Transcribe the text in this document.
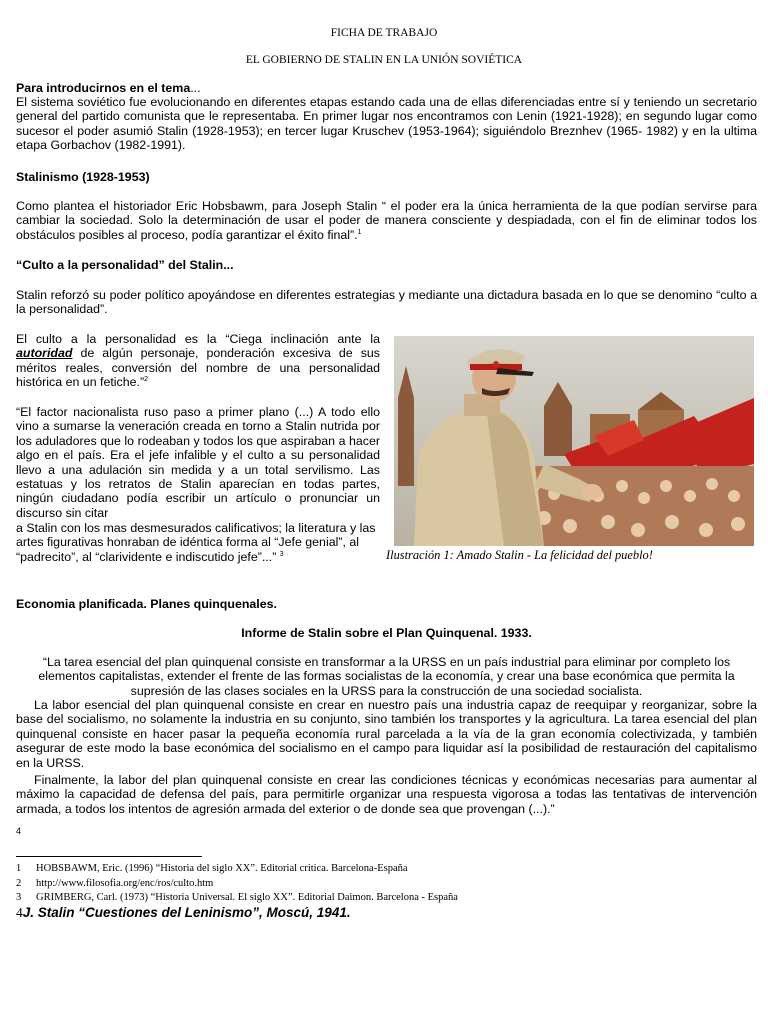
FICHA DE TRABAJO
EL GOBIERNO DE STALIN EN LA UNIÓN SOVIÉTICA
Para introducirnos en el tema...

El sistema soviético fue evolucionando en diferentes etapas estando cada una de ellas diferenciadas entre sí y teniendo un secretario general del partido comunista que le representaba. En primer lugar nos encontramos con Lenin (1921-1928); en segundo lugar como sucesor el poder asumió Stalin (1928-1953); en tercer lugar Kruschev (1953-1964); siguiéndolo Breznhev (1965- 1982) y en la ultima etapa Gorbachov (1982-1991).

Stalinismo (1928-1953)

Como plantea el historiador Eric Hobsbawm, para Joseph Stalin “ el poder era la única herramienta de la que podían servirse para cambiar la sociedad. Solo la determinación de usar el poder de manera consciente y despiadada, con el fin de eliminar todos los obstáculos posibles al proceso, podía garantizar el éxito final”.$^1$

“Culto a la personalidad” del Stalin...

Stalin reforzó su poder político apoyándose en diferentes estrategias y mediante una dictadura basada en lo que se denomino “culto a la personalidad”.

El culto a la personalidad es la “Ciega inclinación ante la autoridad de algún personaje, ponderación excesiva de sus méritos reales, conversión del nombre de una personalidad histórica en un fetiche.”$^2$

“El factor nacionalista ruso paso a primer plano (...) A todo ello vino a sumarse la veneración creada en torno a Stalin nutrida por los aduladores que lo rodeaban y todos los que aspiraban a hacer algo en el país. Era el jefe infalible y el culto a su personalidad llevo a una adulación sin medida y a un total servilismo. Las estatuas y los retratos de Stalin aparecían en todas partes, ningún ciudadano podía escribir un artículo o pronunciar un discurso sin citar

a Stalin con los mas desmesurados calificativos; la literatura y las artes figurativas honraban de idéntica forma al “Jefe genial”, al “padrecito”, al “clarividente e indiscutido jefe”...” $^3$	Ilustración 1: Amado Stalin - La felicidad del pueblo!
Economia planificada. Planes quinquenales.
Informe de Stalin sobre el Plan Quinquenal. 1933.

“La tarea esencial del plan quinquenal consiste en transformar a la URSS en un país industrial para eliminar por completo los elementos capitalistas, extender el frente de las formas socialistas de la economía, y crear una base económica que permita la supresión de las clases sociales en la URSS para la construcción de una sociedad socialista.

La labor esencial del plan quinquenal consiste en crear en nuestro país una industria capaz de reequipar y reorganizar, sobre la base del socialismo, no solamente la industria en su conjunto, sino también los transportes y la agricultura. La tarea esencial del plan quinquenal consiste en hacer pasar la pequeña economía rural parcelada a la vía de la gran economía colectivizada, y también asegurar de este modo la base económica del socialismo en el campo para liquidar así la posibilidad de restauración del capitalismo en la URSS.

Finalmente, la labor del plan quinquenal consiste en crear las condiciones técnicas y económicas necesarias para aumentar al máximo la capacidad de defensa del país, para permitirle organizar una respuesta vigorosa a todas las tentativas de intervención armada, a todos los intentos de agresión armada del exterior o de donde sea que provengan (...).”

4
1 HOBSBAWM, Eric. (1996) “Historia del siglo XX”. Editorial critica. Barcelona-España
2 http://www.filosofia.org/enc/ros/culto.htm
3 GRIMBERG, Carl. (1973) “Historia Universal. El siglo XX”. Editorial Daimon. Barcelona - España
4J. Stalin “Cuestiones del Leninismo”, Moscú, 1941.
